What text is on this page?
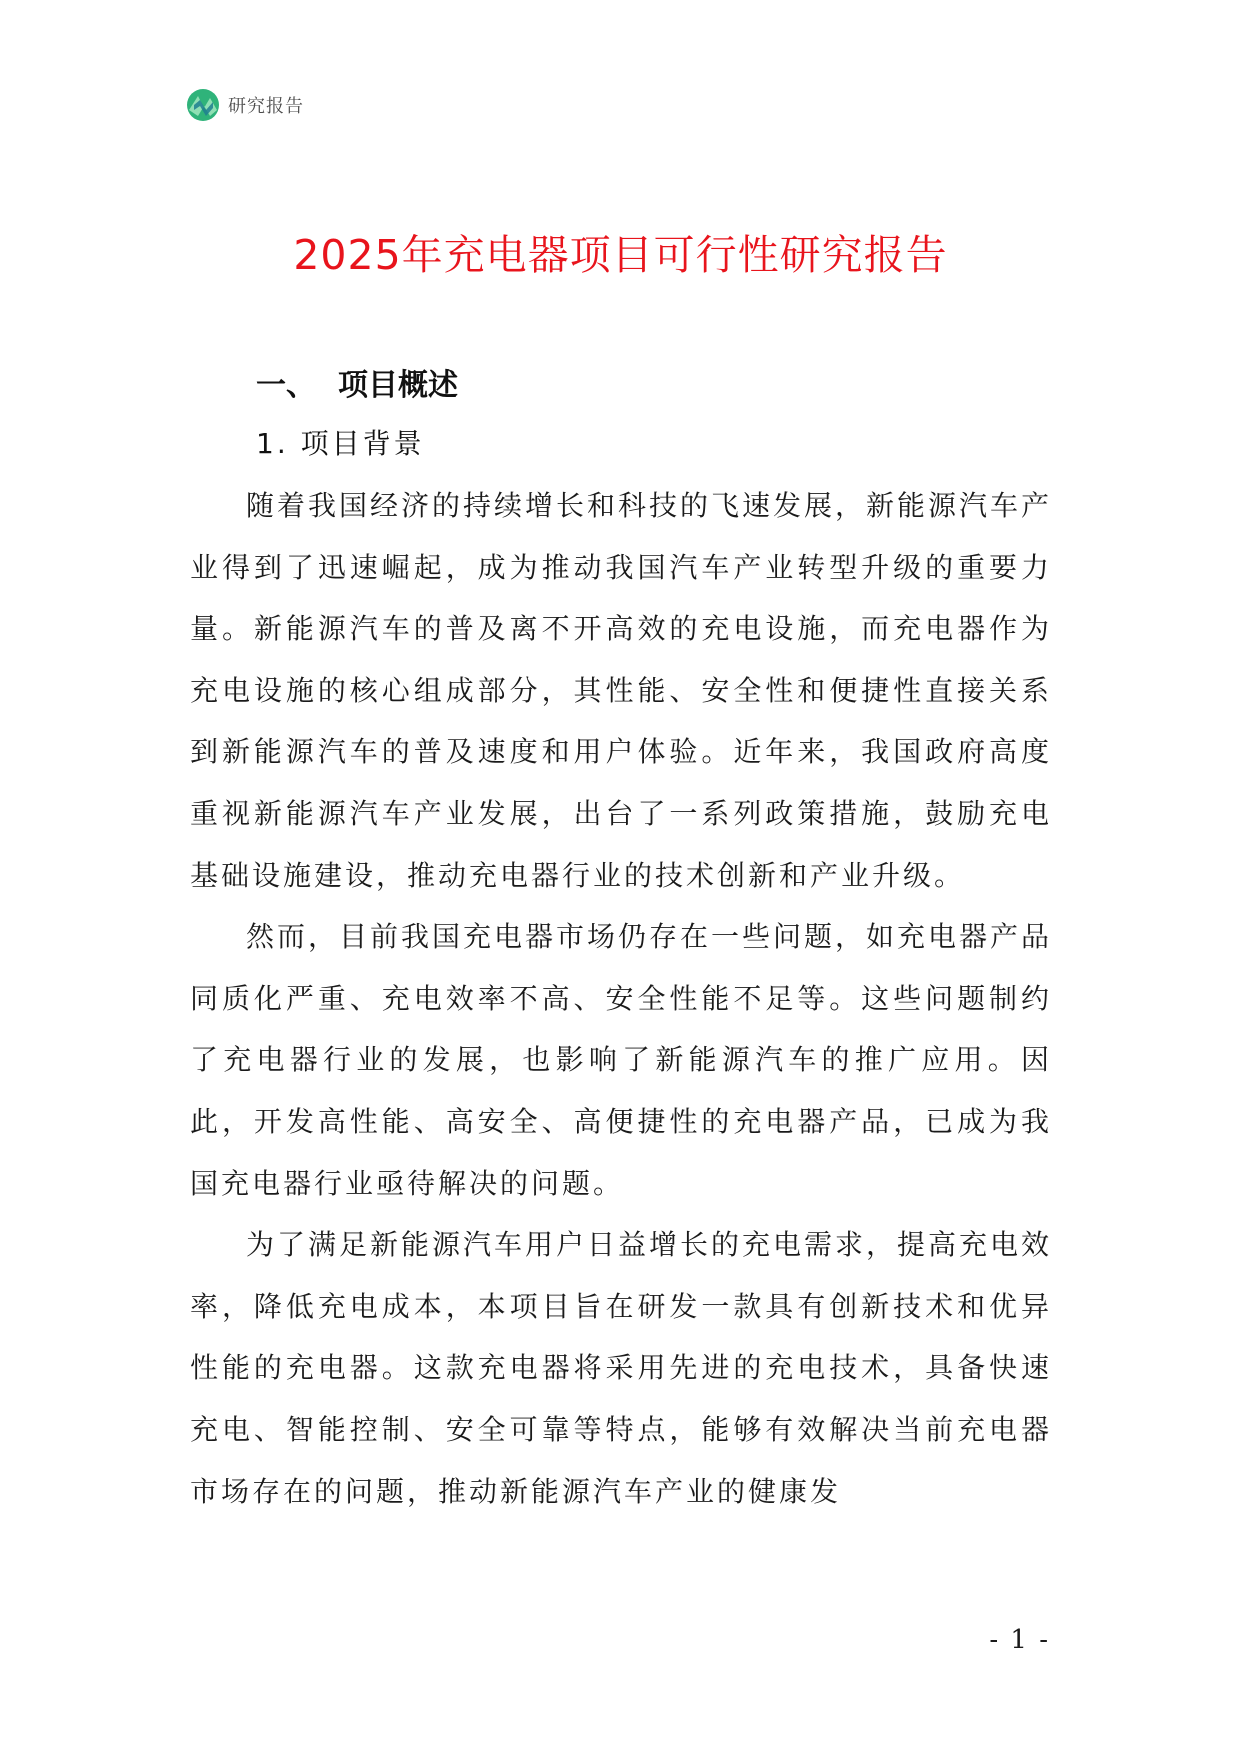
研究报告
2025年充电器项目可行性研究报告
一、 项目概述
1. 项目背景

随着我国经济的持续增长和科技的飞速发展，新能源汽车产业得到了迅速崛起，成为推动我国汽车产业转型升级的重要力量。新能源汽车的普及离不开高效的充电设施，而充电器作为充电设施的核心组成部分，其性能、安全性和便捷性直接关系到新能源汽车的普及速度和用户体验。近年来，我国政府高度重视新能源汽车产业发展，出台了一系列政策措施，鼓励充电基础设施建设，推动充电器行业的技术创新和产业升级。

然而，目前我国充电器市场仍存在一些问题，如充电器产品同质化严重、充电效率不高、安全性能不足等。这些问题制约了充电器行业的发展，也影响了新能源汽车的推广应用。因此，开发高性能、高安全、高便捷性的充电器产品，已成为我国充电器行业亟待解决的问题。

为了满足新能源汽车用户日益增长的充电需求，提高充电效率，降低充电成本，本项目旨在研发一款具有创新技术和优异性能的充电器。这款充电器将采用先进的充电技术，具备快速充电、智能控制、安全可靠等特点，能够有效解决当前充电器市场存在的问题，推动新能源汽车产业的健康发

- 1 -
